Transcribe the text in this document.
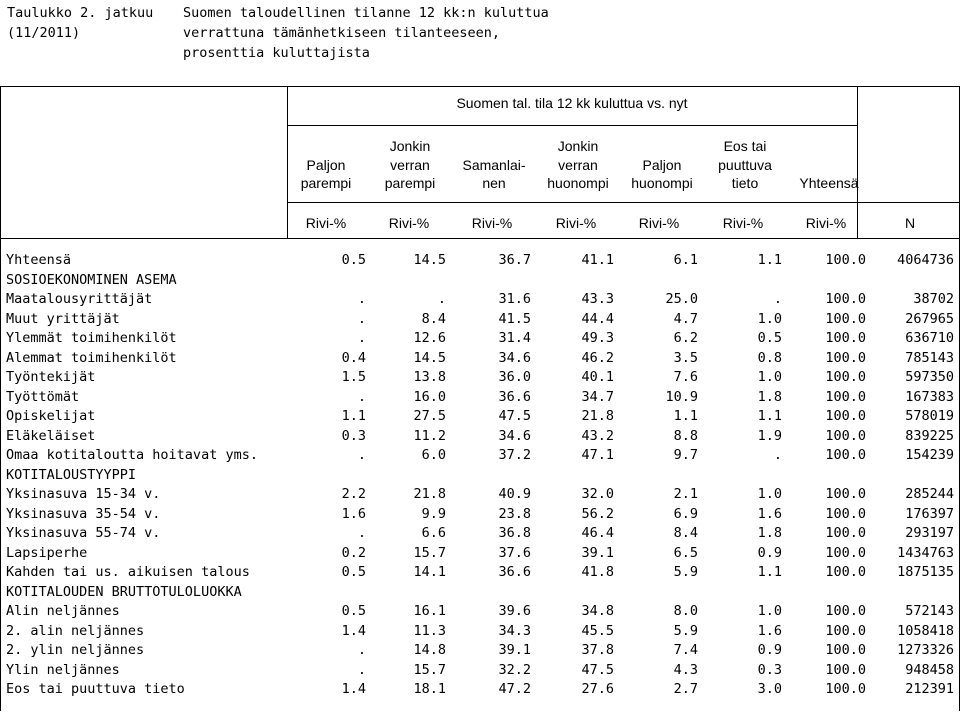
Taulukko 2. jatkuu
(11/2011)
Suomen taloudellinen tilanne 12 kk:n kuluttua
verrattuna tämänhetkiseen tilanteeseen,
prosenttia kuluttajista
Suomen tal. tila 12 kk kuluttua vs. nyt

Paljon
parempi
Jonkin
verran
parempi

Samanlai-
nen
Jonkin
verran
huonompi

Paljon
huonompi
Eos tai
puuttuva
tieto

	Yhteensä
Rivi-%	Rivi-%	Rivi-%	Rivi-%	Rivi-%	Rivi-%	Rivi-%	N
Yhteensä	0.5	14.5	36.7	41.1	6.1	1.1	100.0 4064736
SOSIOEKONOMINEN ASEMA
Maatalousyrittäjät	.	.	31.6	43.3	25.0	.	100.0	38702
Muut yrittäjät	.	8.4	41.5	44.4	4.7	1.0	100.0	267965
Ylemmät toimihenkilöt	.	12.6	31.4	49.3	6.2	0.5	100.0	636710
Alemmat toimihenkilöt	0.4	14.5	34.6	46.2	3.5	0.8	100.0	785143
Työntekijät	1.5	13.8	36.0	40.1	7.6	1.0	100.0	597350
Työttömät	.	16.0	36.6	34.7	10.9	1.8	100.0	167383
Opiskelijat	1.1	27.5	47.5	21.8	1.1	1.1	100.0	578019
Eläkeläiset	0.3	11.2	34.6	43.2	8.8	1.9	100.0	839225
Omaa kotitaloutta hoitavat yms.	.	6.0	37.2	47.1	9.7	.	100.0	154239
KOTITALOUSTYYPPI
Yksinasuva 15-34 v.	2.2	21.8	40.9	32.0	2.1	1.0	100.0	285244
Yksinasuva 35-54 v.	1.6	9.9	23.8	56.2	6.9	1.6	100.0	176397
Yksinasuva 55-74 v.	.	6.6	36.8	46.4	8.4	1.8	100.0	293197
Lapsiperhe	0.2	15.7	37.6	39.1	6.5	0.9	100.0 1434763
Kahden tai us. aikuisen talous	0.5	14.1	36.6	41.8	5.9	1.1	100.0 1875135
KOTITALOUDEN BRUTTOTULOLUOKKA
Alin neljännes	0.5	16.1	39.6	34.8	8.0	1.0	100.0	572143
2. alin neljännes	1.4	11.3	34.3	45.5	5.9	1.6	100.0 1058418
2. ylin neljännes	.	14.8	39.1	37.8	7.4	0.9	100.0 1273326
Ylin neljännes	.	15.7	32.2	47.5	4.3	0.3	100.0	948458
Eos tai puuttuva tieto	1.4	18.1	47.2	27.6	2.7	3.0	100.0	212391
